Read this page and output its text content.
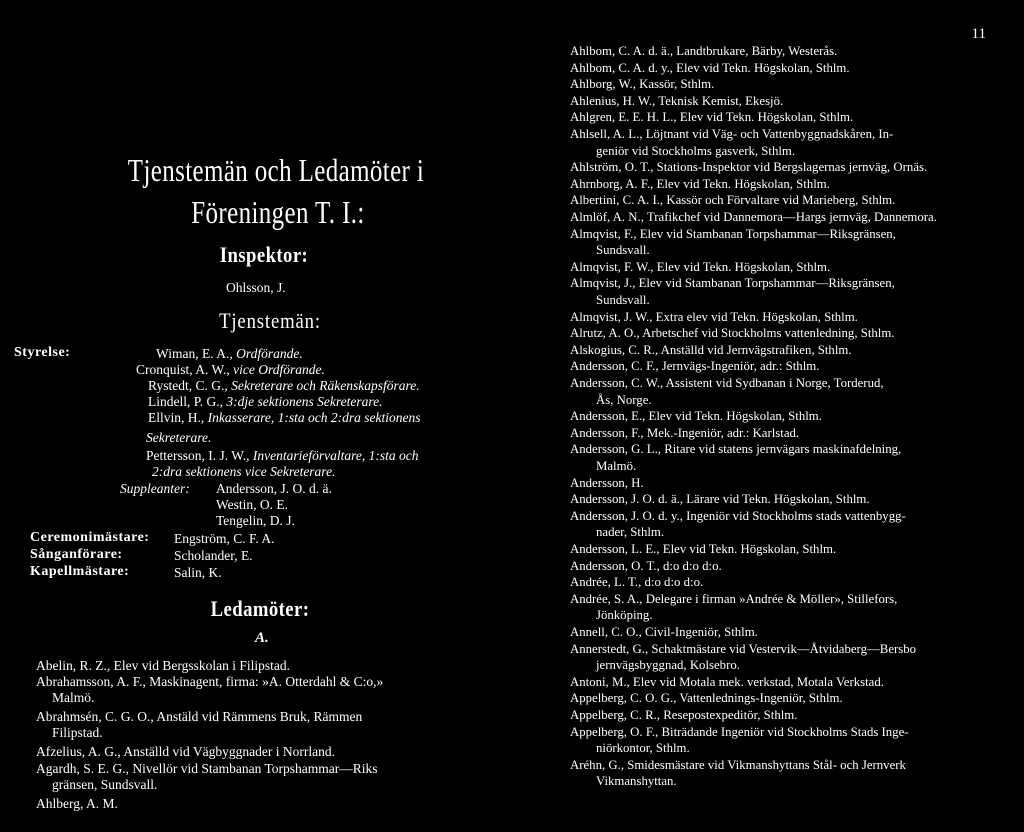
11
Tjenstemän och Ledamöter i
Föreningen T. I.:
Inspektor:
Ohlsson, J.
Tjenstemän:
Styrelse:	Wiman, E. A., Ordförande.
Cronquist, A. W., vice Ordförande.
Rystedt, C. G., Sekreterare och Räkenskapsförare.
Lindell, P. G., 3:dje sektionens Sekreterare.
Ellvin, H., Inkasserare, 1:sta och 2:dra sektionens
Sekreterare.
Pettersson, I. J. W., Inventarieförvaltare, 1:sta och
2:dra sektionens vice Sekreterare.
Suppleanter: Andersson, J. O. d. ä.
Westin, O. E.
Tengelin, D. J.
Ceremonimästare: Engström, C. F. A.
Sånganförare:	Scholander, E.
Kapellmästare:	Salin, K.
Ledamöter:
A.
Abelin, R. Z., Elev vid Bergsskolan i Filipstad.
Abrahamsson, A. F., Maskinagent, firma: »A. Otterdahl & C:o,»
Malmö.
Abrahmsén, C. G. O., Anstäld vid Rämmens Bruk, Rämmen
Filipstad.
Afzelius, A. G., Anställd vid Vägbyggnader i Norrland.
Agardh, S. E. G., Nivellör vid Stambanan Torpshammar—Riks
gränsen, Sundsvall.
Ahlberg, A. M.
Ahlbom, C. A. d. ä., Landtbrukare, Bärby, Westerås.
Ahlbom, C. A. d. y., Elev vid Tekn. Högskolan, Sthlm.
Ahlborg, W., Kassör, Sthlm.
Ahlenius, H. W., Teknisk Kemist, Ekesjö.
Ahlgren, E. E. H. L., Elev vid Tekn. Högskolan, Sthlm.
Ahlsell, A. L., Löjtnant vid Väg- och Vattenbyggnadskåren, In-
geniör vid Stockholms gasverk, Sthlm.
Ahlström, O. T., Stations-Inspektor vid Bergslagernas jernväg, Ornäs.
Ahrnborg, A. F., Elev vid Tekn. Högskolan, Sthlm.
Albertini, C. A. I., Kassör och Förvaltare vid Marieberg, Sthlm.
Almlöf, A. N., Trafikchef vid Dannemora—Hargs jernväg, Dannemora.
Almqvist, F., Elev vid Stambanan Torpshammar—Riksgränsen,
Sundsvall.
Almqvist, F. W., Elev vid Tekn. Högskolan, Sthlm.
Almqvist, J., Elev vid Stambanan Torpshammar—Riksgränsen,
Sundsvall.
Almqvist, J. W., Extra elev vid Tekn. Högskolan, Sthlm.
Alrutz, A. O., Arbetschef vid Stockholms vattenledning, Sthlm.
Alskogius, C. R., Anställd vid Jernvägstrafiken, Sthlm.
Andersson, C. F., Jernvägs-Ingeniör, adr.: Sthlm.
Andersson, C. W., Assistent vid Sydbanan i Norge, Torderud,
Ås, Norge.
Andersson, E., Elev vid Tekn. Högskolan, Sthlm.
Andersson, F., Mek.-Ingeniör, adr.: Karlstad.
Andersson, G. L., Ritare vid statens jernvägars maskinafdelning,
Malmö.
Andersson, H.
Andersson, J. O. d. ä., Lärare vid Tekn. Högskolan, Sthlm.
Andersson, J. O. d. y., Ingeniör vid Stockholms stads vattenbygg-
nader, Sthlm.
Andersson, L. E., Elev vid Tekn. Högskolan, Sthlm.
Andersson, O. T., d:o d:o d:o.
Andrée, L. T., d:o d:o d:o.
Andrée, S. A., Delegare i firman »Andrée & Möller», Stillefors,
Jönköping.
Annell, C. O., Civil-Ingeniör, Sthlm.
Annerstedt, G., Schaktmästare vid Vestervik—Åtvidaberg—Bersbo
jernvägsbyggnad, Kolsebro.
Antoni, M., Elev vid Motala mek. verkstad, Motala Verkstad.
Appelberg, C. O. G., Vattenlednings-Ingeniör, Sthlm.
Appelberg, C. R., Resepostexpeditör, Sthlm.
Appelberg, O. F., Biträdande Ingeniör vid Stockholms Stads Inge-
niörkontor, Sthlm.
Aréhn, G., Smidesmästare vid Vikmanshyttans Stål- och Jernverk
Vikmanshyttan.
